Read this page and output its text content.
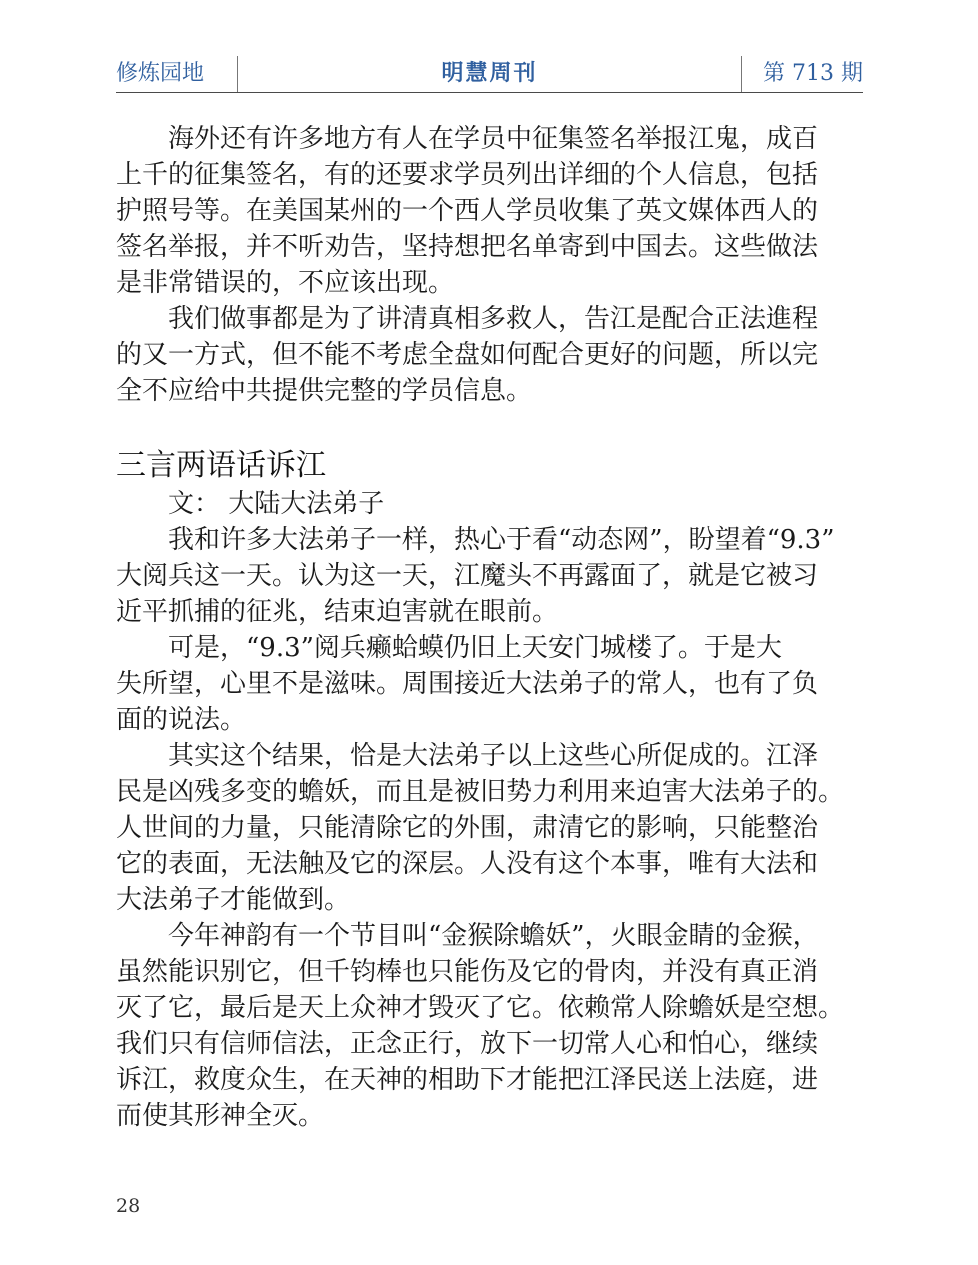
修炼园地	明慧周刊	第 713 期

海外还有许多地方有人在学员中征集签名举报江鬼，成百
上千的征集签名，有的还要求学员列出详细的个人信息，包括
护照号等。在美国某州的一个西人学员收集了英文媒体西人的
签名举报，并不听劝告，坚持想把名单寄到中国去。这些做法
是非常错误的，不应该出现。

我们做事都是为了讲清真相多救人，告江是配合正法進程
的又一方式，但不能不考虑全盘如何配合更好的问题，所以完
全不应给中共提供完整的学员信息。

三言两语话诉江

文： 大陆大法弟子

我和许多大法弟子一样，热心于看“动态网”，盼望着“9.3”
大阅兵这一天。认为这一天，江魔头不再露面了，就是它被习
近平抓捕的征兆，结束迫害就在眼前。

可是，“9.3”阅兵癞蛤蟆仍旧上天安门城楼了。于是大
失所望，心里不是滋味。周围接近大法弟子的常人，也有了负
面的说法。

其实这个结果，恰是大法弟子以上这些心所促成的。江泽
民是凶残多变的蟾妖，而且是被旧势力利用来迫害大法弟子的。
人世间的力量，只能清除它的外围，肃清它的影响，只能整治
它的表面，无法触及它的深层。人没有这个本事，唯有大法和
大法弟子才能做到。

今年神韵有一个节目叫“金猴除蟾妖”，火眼金睛的金猴，
虽然能识别它，但千钧棒也只能伤及它的骨肉，并没有真正消
灭了它，最后是天上众神才毁灭了它。依赖常人除蟾妖是空想。
我们只有信师信法，正念正行，放下一切常人心和怕心，继续
诉江，救度众生，在天神的相助下才能把江泽民送上法庭，进
而使其形神全灭。

28
